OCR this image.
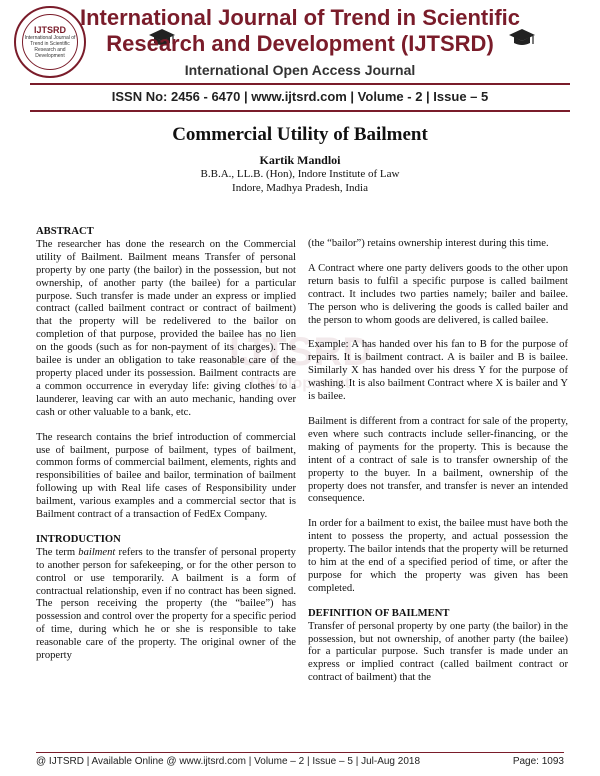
IJTSRD
International Journal of Trend in Scientific Research and Development
International Journal of Trend in Scientific
Research and Development (IJTSRD)
International Open Access Journal
ISSN No: 2456 - 6470 | www.ijtsrd.com | Volume - 2 | Issue – 5
Commercial Utility of Bailment
Kartik Mandloi
B.B.A., LL.B. (Hon), Indore Institute of Law
Indore, Madhya Pradesh, India
IJTSRD
Development
ABSTRACT

The researcher has done the research on the Commercial utility of Bailment. Bailment means Transfer of personal property by one party (the bailor) in the possession, but not ownership, of another party (the bailee) for a particular purpose. Such transfer is made under an express or implied contract (called bailment contract or contract of bailment) that the property will be redelivered to the bailor on completion of that purpose, provided the bailee has no lien on the goods (such as for non-payment of its charges). The bailee is under an obligation to take reasonable care of the property placed under its possession. Bailment contracts are a common occurrence in everyday life: giving clothes to a launderer, leaving car with an auto mechanic, handing over cash or other valuable to a bank, etc.

The research contains the brief introduction of commercial use of bailment, purpose of bailment, types of bailment, common forms of commercial bailment, elements, rights and responsibilities of bailee and bailor, termination of bailment following up with Real life cases of Responsibility under bailment, various examples and a commercial sector that is Bailment contract of a transaction of FedEx Company.

INTRODUCTION

The term bailment refers to the transfer of personal property to another person for safekeeping, or for the other person to control or use temporarily. A bailment is a form of contractual relationship, even if no contract has been signed. The person receiving the property (the “bailee”) has possession and control over the property for a specific period of time, during which he or she is responsible to take reasonable care of the property. The original owner of the property

(the “bailor”) retains ownership interest during this time.

A Contract where one party delivers goods to the other upon return basis to fulfil a specific purpose is called bailment contract. It includes two parties namely; bailer and bailee. The person who is delivering the goods is called bailer and the person to whom goods are delivered, is called bailee.

Example: A has handed over his fan to B for the purpose of repairs. It is bailment contract. A is bailer and B is bailee. Similarly X has handed over his dress Y for the purpose of washing. It is also bailment Contract where X is bailer and Y is bailee.

Bailment is different from a contract for sale of the property, even where such contracts include seller-financing, or the making of payments for the property. This is because the intent of a contract of sale is to transfer ownership of the property to the buyer. In a bailment, ownership of the property does not transfer, and transfer is never an intended consequence.

In order for a bailment to exist, the bailee must have both the intent to possess the property, and actual possession the property. The bailor intends that the property will be returned to him at the end of a specified period of time, or after the purpose for which the property was given has been completed.

DEFINITION OF BAILMENT

Transfer of personal property by one party (the bailor) in the possession, but not ownership, of another party (the bailee) for a particular purpose. Such transfer is made under an express or implied contract (called bailment contract or contract of bailment) that the

@ IJTSRD | Available Online @ www.ijtsrd.com | Volume – 2 | Issue – 5 | Jul-Aug 2018	Page: 1093
